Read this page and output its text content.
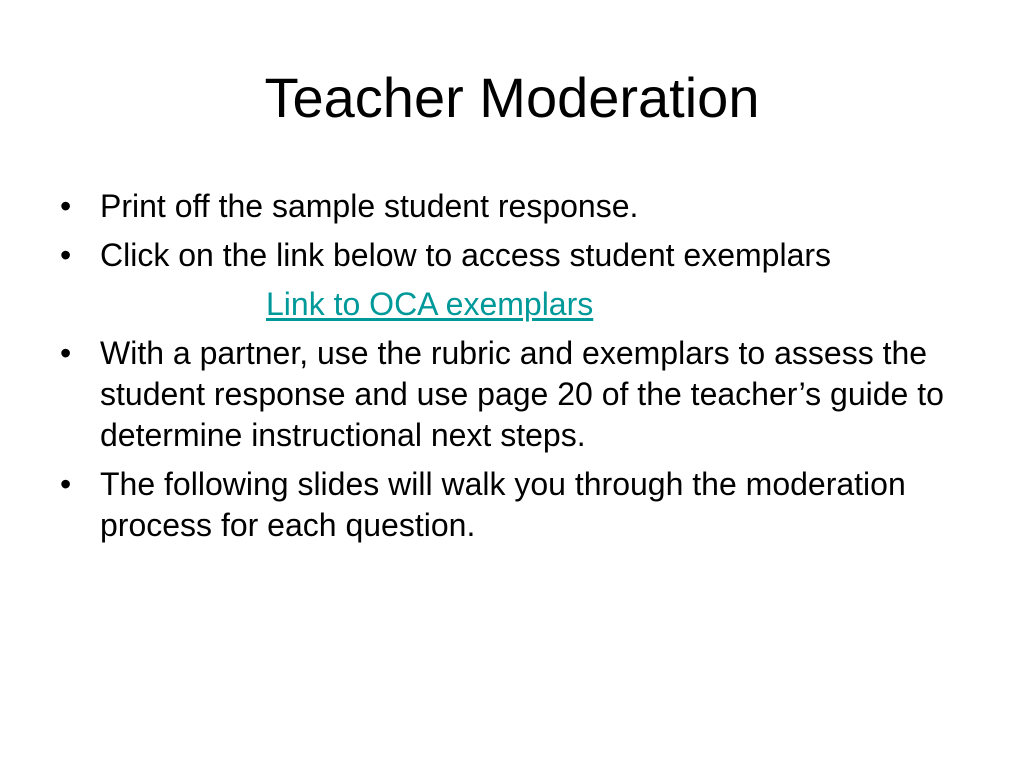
Teacher Moderation
• Print off the sample student response.
• Click on the link below to access student exemplars
Link to OCA exemplars
• With a partner, use the rubric and exemplars to assess the student response and use page 20 of the teacher’s guide to determine instructional next steps.
• The following slides will walk you through the moderation process for each question.
